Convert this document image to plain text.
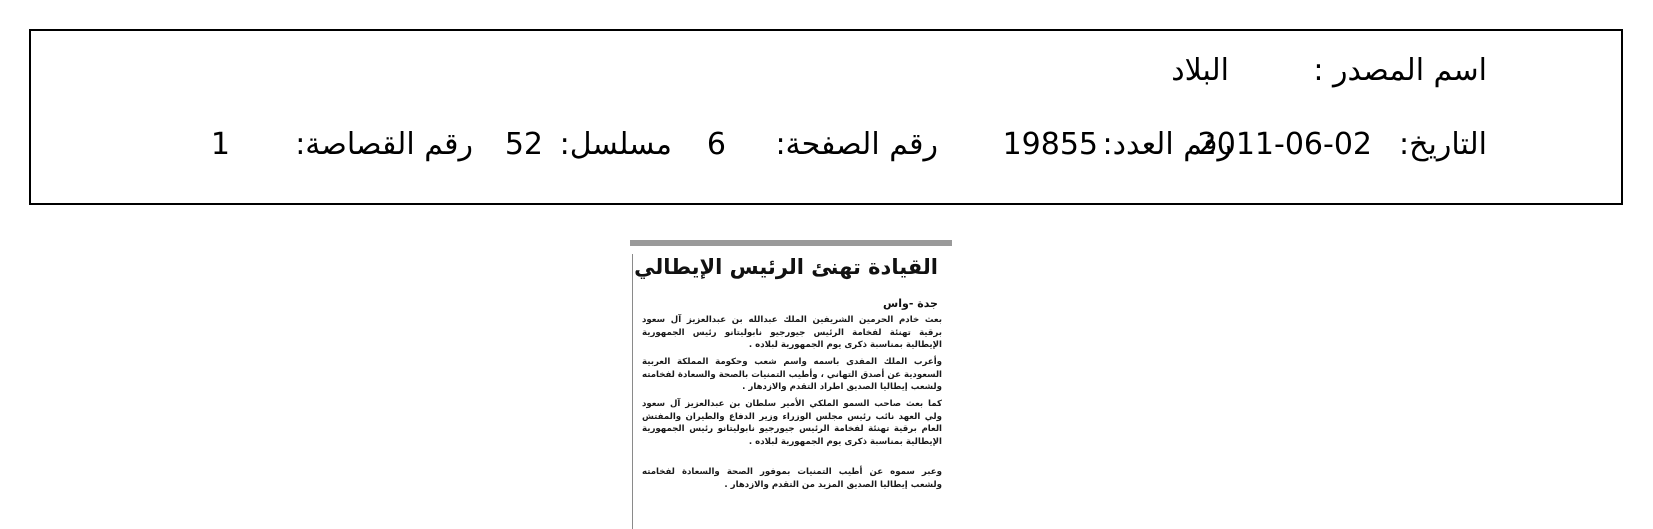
اسم المصدر :
البلاد
التاريخ:
2011-06-02
رقم العدد:
19855
رقم الصفحة:
6
مسلسل:
52
رقم القصاصة:
1
القيادة تهنئ الرئيس الإيطالي
جدة -واس
بعث خادم الحرمين الشريفين الملك عبدالله بن عبدالعزيز آل سعود برقية تهنئة لفخامة الرئيس جيورجيو نابوليتانو رئيس الجمهورية الإيطالية بمناسبة ذكرى يوم الجمهورية لبلاده .
وأعرب الملك المفدى باسمه واسم شعب وحكومة المملكة العربية السعودية عن أصدق التهاني ، وأطيب التمنيات بالصحة والسعادة لفخامته ولشعب إيطاليا الصديق اطراد التقدم والازدهار .
كما بعث صاحب السمو الملكي الأمير سلطان بن عبدالعزيز آل سعود ولي العهد نائب رئيس مجلس الوزراء وزير الدفاع والطيران والمفتش العام برقية تهنئة لفخامة الرئيس جيورجيو نابوليتانو رئيس الجمهورية الإيطالية بمناسبة ذكرى يوم الجمهورية لبلاده .
وعبر سموه عن أطيب التمنيات بموفور الصحة والسعادة لفخامته ولشعب إيطاليا الصديق المزيد من التقدم والازدهار .
